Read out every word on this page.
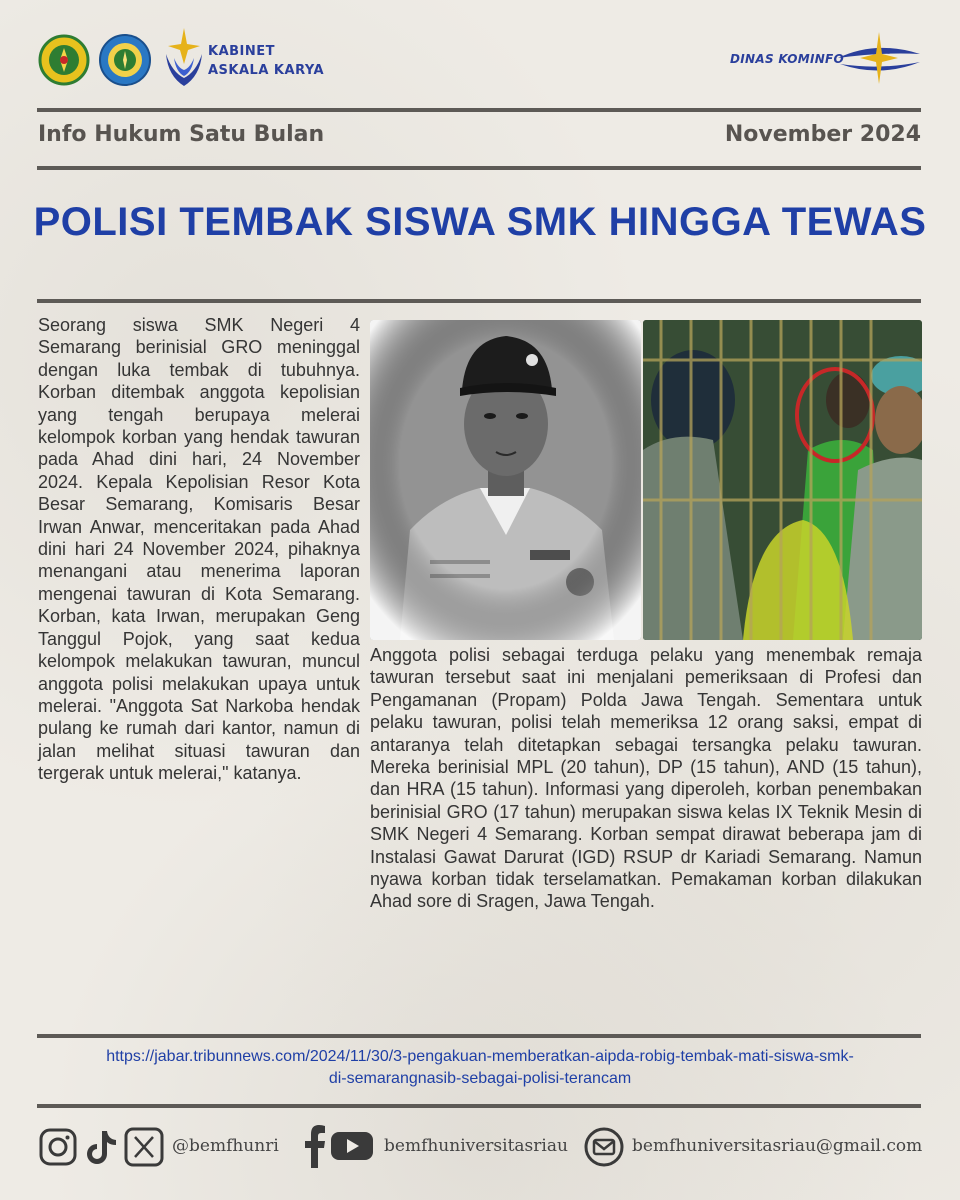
KABINET
ASKALA KARYA
DINAS KOMINFO
Info Hukum Satu Bulan	November 2024
POLISI TEMBAK SISWA SMK HINGGA TEWAS
Seorang siswa SMK Negeri 4 Semarang berinisial GRO meninggal dengan luka tembak di tubuhnya. Korban ditembak anggota kepolisian yang tengah berupaya melerai kelompok korban yang hendak tawuran pada Ahad dini hari, 24 November 2024. Kepala Kepolisian Resor Kota Besar Semarang, Komisaris Besar Irwan Anwar, menceritakan pada Ahad dini hari 24 November 2024, pihaknya menangani atau menerima laporan mengenai tawuran di Kota Semarang. Korban, kata Irwan, merupakan Geng Tanggul Pojok, yang saat kedua kelompok melakukan tawuran, muncul anggota polisi melakukan upaya untuk melerai. "Anggota Sat Narkoba hendak pulang ke rumah dari kantor, namun di jalan melihat situasi tawuran dan tergerak untuk melerai," katanya.
Anggota polisi sebagai terduga pelaku yang menembak remaja tawuran tersebut saat ini menjalani pemeriksaan di Profesi dan Pengamanan (Propam) Polda Jawa Tengah. Sementara untuk pelaku tawuran, polisi telah memeriksa 12 orang saksi, empat di antaranya telah ditetapkan sebagai tersangka pelaku tawuran. Mereka berinisial MPL (20 tahun), DP (15 tahun), AND (15 tahun), dan HRA (15 tahun). Informasi yang diperoleh, korban penembakan berinisial GRO (17 tahun) merupakan siswa kelas IX Teknik Mesin di SMK Negeri 4 Semarang. Korban sempat dirawat beberapa jam di Instalasi Gawat Darurat (IGD) RSUP dr Kariadi Semarang. Namun nyawa korban tidak terselamatkan. Pemakaman korban dilakukan Ahad sore di Sragen, Jawa Tengah.
https://jabar.tribunnews.com/2024/11/30/3-pengakuan-memberatkan-aipda-robig-tembak-mati-siswa-smk-
di-semarangnasib-sebagai-polisi-terancam
@bemfhunri	bemfhuniversitasriau	bemfhuniversitasriau@gmail.com
